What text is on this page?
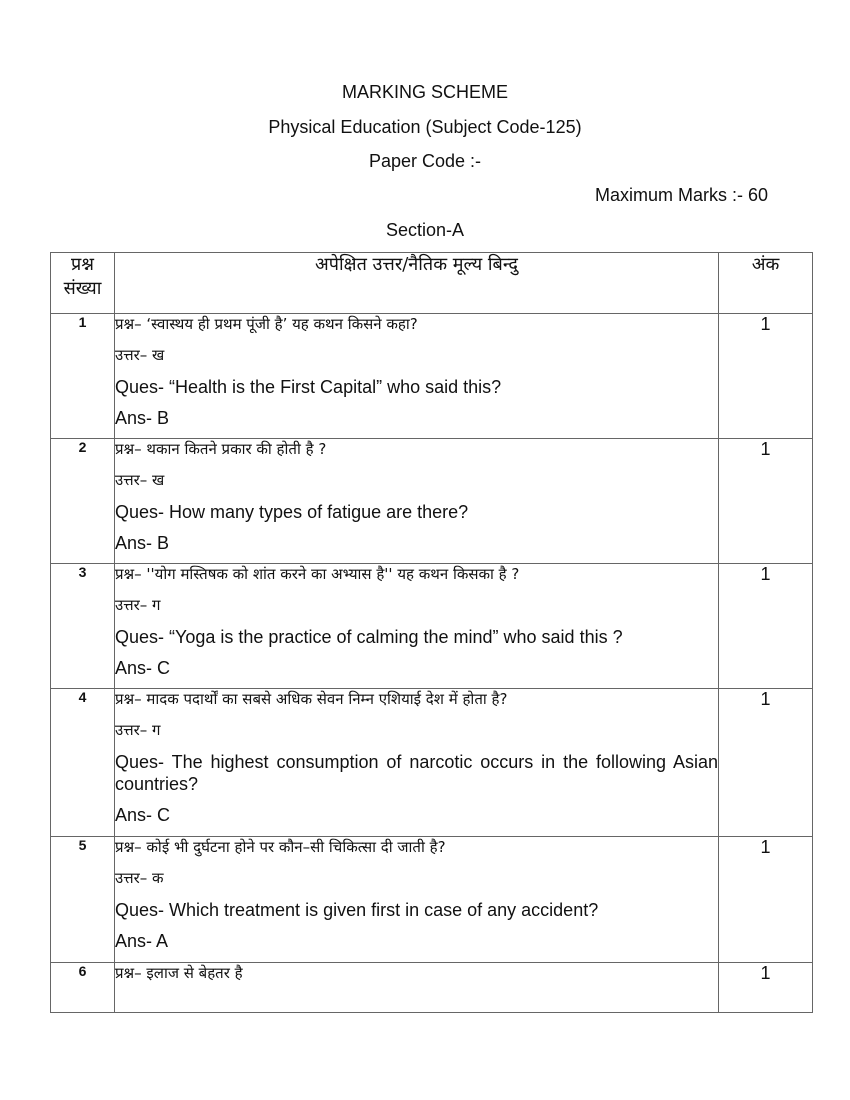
MARKING SCHEME
Physical Education (Subject Code-125)
Paper Code :-
Maximum Marks :- 60
Section-A
प्रश्न
संख्या	अपेक्षित उत्तर/नैतिक मूल्य बिन्दु	अंक
1	प्रश्न– ‘स्वास्थय ही प्रथम पूंजी है’ यह कथन किसने कहा?

उत्तर– ख

Ques- “Health is the First Capital” who said this?

Ans- B	1
2	प्रश्न– थकान कितने प्रकार की होती है ?

उत्तर– ख

Ques- How many types of fatigue are there?

Ans- B	1
3	प्रश्न– ''योग मस्तिषक को शांत करने का अभ्यास है'' यह कथन किसका है ?

उत्तर– ग

Ques- “Yoga is the practice of calming the mind” who said this ?

Ans- C	1
4	प्रश्न– मादक पदार्थों का सबसे अधिक सेवन निम्न एशियाई देश में होता है?

उत्तर– ग

Ques- The highest consumption of narcotic occurs in the following Asian countries?

Ans- C	1
5	प्रश्न– कोई भी दुर्घटना होने पर कौन–सी चिकित्सा दी जाती है?

उत्तर– क

Ques- Which treatment is given first in case of any accident?

Ans- A	1
6	प्रश्न– इलाज से बेहतर है	1
